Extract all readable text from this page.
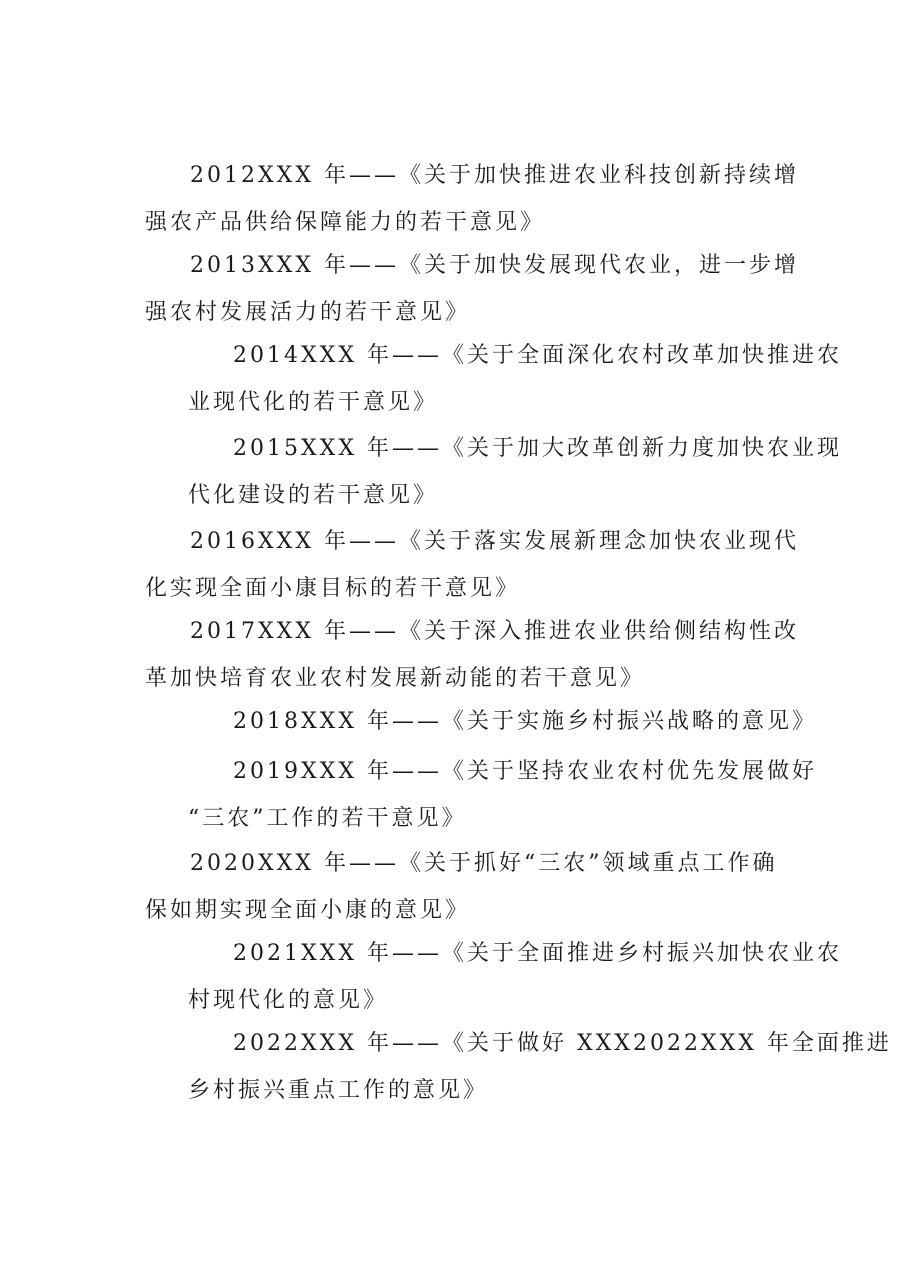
2012XXX 年——《关于加快推进农业科技创新持续增
强农产品供给保障能力的若干意见》

2013XXX 年——《关于加快发展现代农业，进一步增
强农村发展活力的若干意见》

2014XXX 年——《关于全面深化农村改革加快推进农
业现代化的若干意见》

2015XXX 年——《关于加大改革创新力度加快农业现
代化建设的若干意见》

2016XXX 年——《关于落实发展新理念加快农业现代
化实现全面小康目标的若干意见》

2017XXX 年——《关于深入推进农业供给侧结构性改
革加快培育农业农村发展新动能的若干意见》

2018XXX 年——《关于实施乡村振兴战略的意见》

2019XXX 年——《关于坚持农业农村优先发展做好
“三农”工作的若干意见》

2020XXX 年——《关于抓好“三农”领域重点工作确
保如期实现全面小康的意见》

2021XXX 年——《关于全面推进乡村振兴加快农业农
村现代化的意见》

2022XXX 年——《关于做好 XXX2022XXX 年全面推进
乡村振兴重点工作的意见》
